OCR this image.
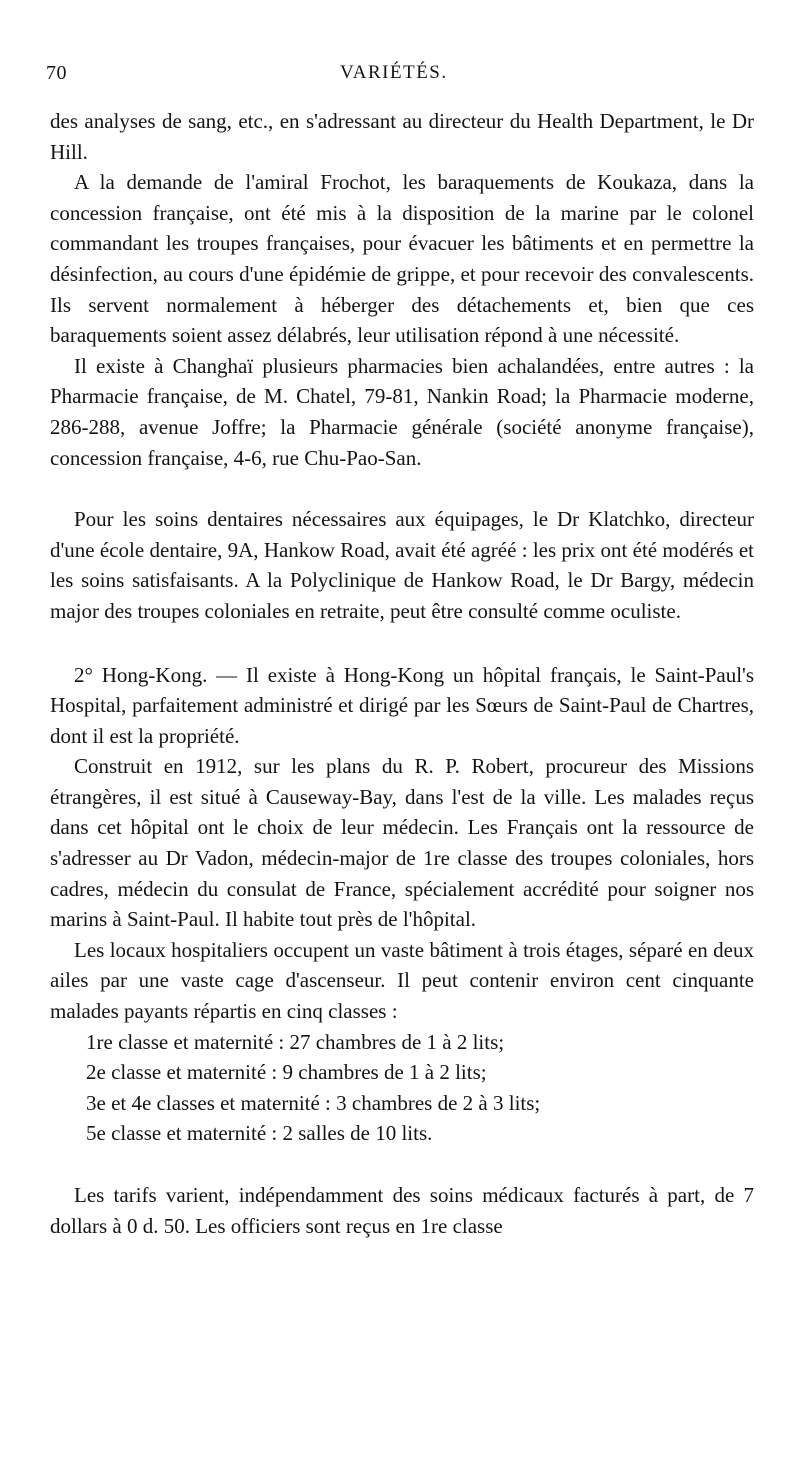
70	VARIÉTÉS.

des analyses de sang, etc., en s'adressant au directeur du Health Department, le Dr Hill.

A la demande de l'amiral Frochot, les baraquements de Koukaza, dans la concession française, ont été mis à la disposition de la marine par le colonel commandant les troupes françaises, pour évacuer les bâtiments et en permettre la désinfection, au cours d'une épidémie de grippe, et pour recevoir des convalescents. Ils servent normalement à héberger des détachements et, bien que ces baraquements soient assez délabrés, leur utilisation répond à une nécessité.

Il existe à Changhaï plusieurs pharmacies bien achalandées, entre autres : la Pharmacie française, de M. Chatel, 79-81, Nankin Road; la Pharmacie moderne, 286-288, avenue Joffre; la Pharmacie générale (société anonyme française), concession française, 4-6, rue Chu-Pao-San.

Pour les soins dentaires nécessaires aux équipages, le Dr Klatchko, directeur d'une école dentaire, 9A, Hankow Road, avait été agréé : les prix ont été modérés et les soins satisfaisants. A la Polyclinique de Hankow Road, le Dr Bargy, médecin major des troupes coloniales en retraite, peut être consulté comme oculiste.

2° Hong-Kong. — Il existe à Hong-Kong un hôpital français, le Saint-Paul's Hospital, parfaitement administré et dirigé par les Sœurs de Saint-Paul de Chartres, dont il est la propriété.

Construit en 1912, sur les plans du R. P. Robert, procureur des Missions étrangères, il est situé à Causeway-Bay, dans l'est de la ville. Les malades reçus dans cet hôpital ont le choix de leur médecin. Les Français ont la ressource de s'adresser au Dr Vadon, médecin-major de 1re classe des troupes coloniales, hors cadres, médecin du consulat de France, spécialement accrédité pour soigner nos marins à Saint-Paul. Il habite tout près de l'hôpital.

Les locaux hospitaliers occupent un vaste bâtiment à trois étages, séparé en deux ailes par une vaste cage d'ascenseur. Il peut contenir environ cent cinquante malades payants répartis en cinq classes :

1re classe et maternité : 27 chambres de 1 à 2 lits;

2e classe et maternité : 9 chambres de 1 à 2 lits;

3e et 4e classes et maternité : 3 chambres de 2 à 3 lits;

5e classe et maternité : 2 salles de 10 lits.

Les tarifs varient, indépendamment des soins médicaux facturés à part, de 7 dollars à 0 d. 50. Les officiers sont reçus en 1re classe
